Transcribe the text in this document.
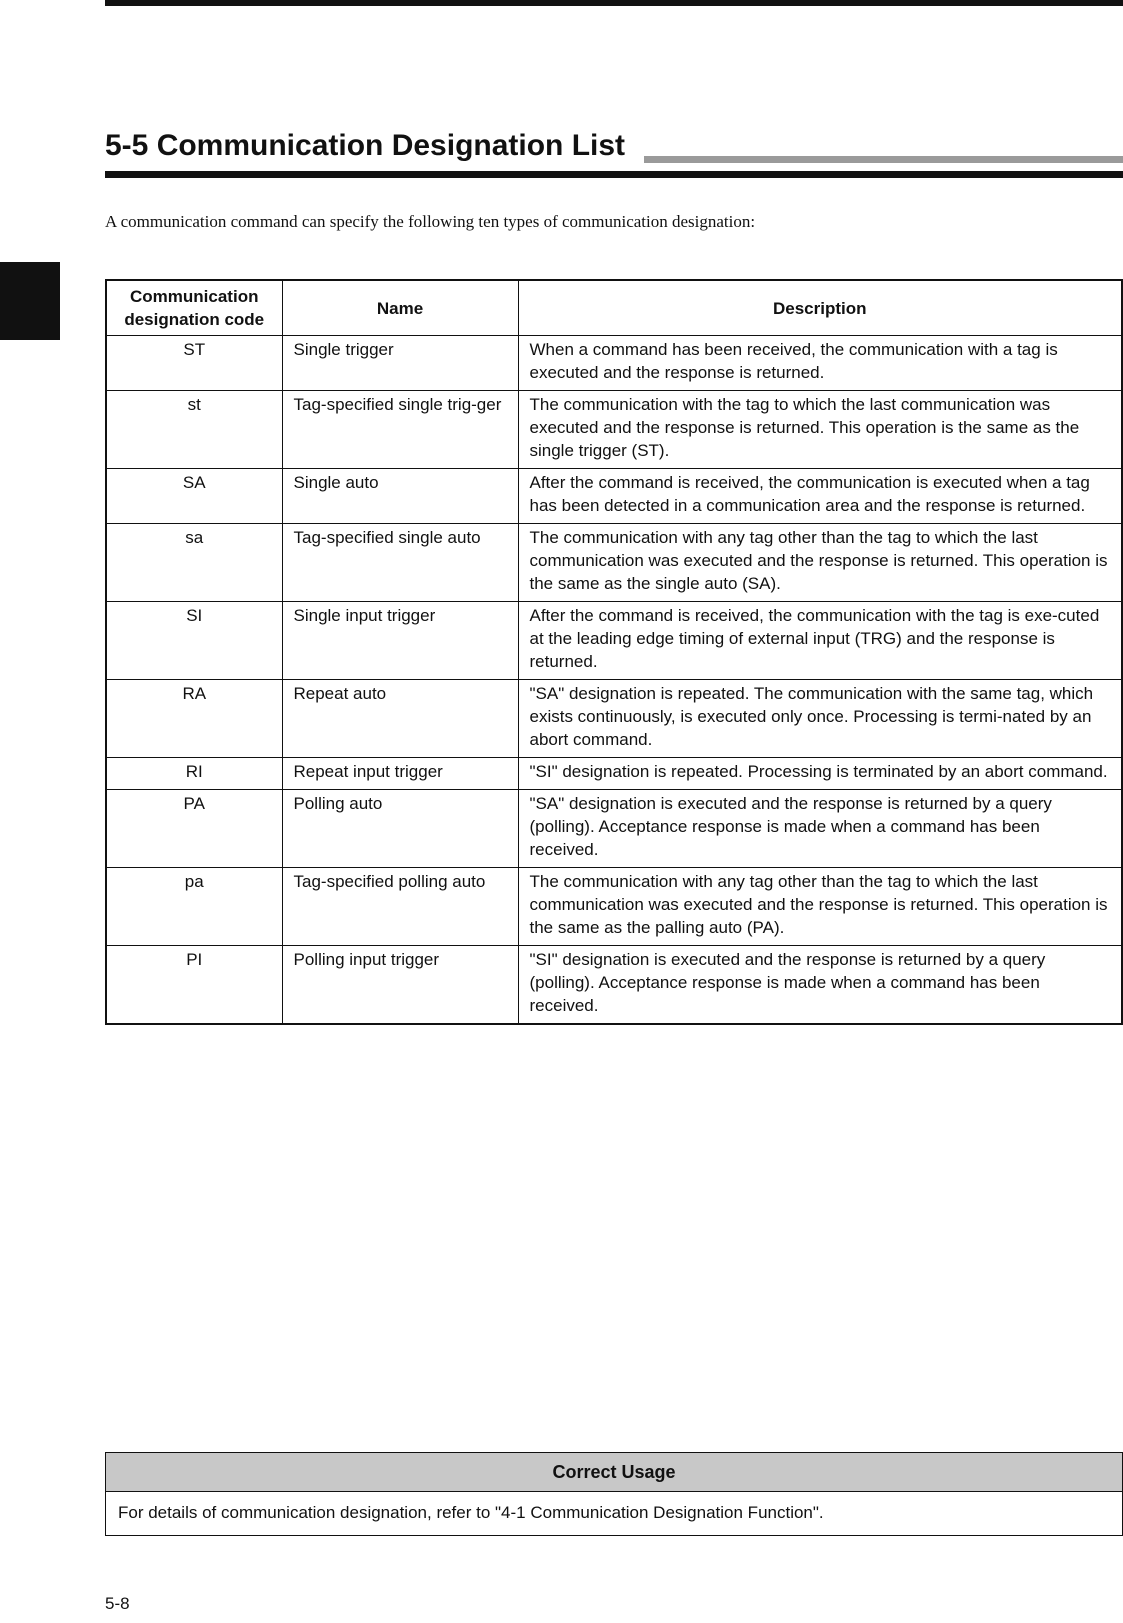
5-5 Communication Designation List

A communication command can specify the following ten types of communication designation:

Communication designation code	Name	Description
ST	Single trigger	When a command has been received, the communication with a tag is executed and the response is returned.
st	Tag-specified single trig-ger	The communication with the tag to which the last communication was executed and the response is returned. This operation is the same as the single trigger (ST).
SA	Single auto	After the command is received, the communication is executed when a tag has been detected in a communication area and the response is returned.
sa	Tag-specified single auto	The communication with any tag other than the tag to which the last communication was executed and the response is returned. This operation is the same as the single auto (SA).
SI	Single input trigger	After the command is received, the communication with the tag is exe-cuted at the leading edge timing of external input (TRG) and the response is returned.
RA	Repeat auto	"SA" designation is repeated. The communication with the same tag, which exists continuously, is executed only once. Processing is termi-nated by an abort command.
RI	Repeat input trigger	"SI" designation is repeated. Processing is terminated by an abort command.
PA	Polling auto	"SA" designation is executed and the response is returned by a query (polling). Acceptance response is made when a command has been received.
pa	Tag-specified polling auto	The communication with any tag other than the tag to which the last communication was executed and the response is returned. This operation is the same as the palling auto (PA).
PI	Polling input trigger	"SI" designation is executed and the response is returned by a query (polling). Acceptance response is made when a command has been received.
Correct Usage
For details of communication designation, refer to "4-1 Communication Designation Function".
5-8
